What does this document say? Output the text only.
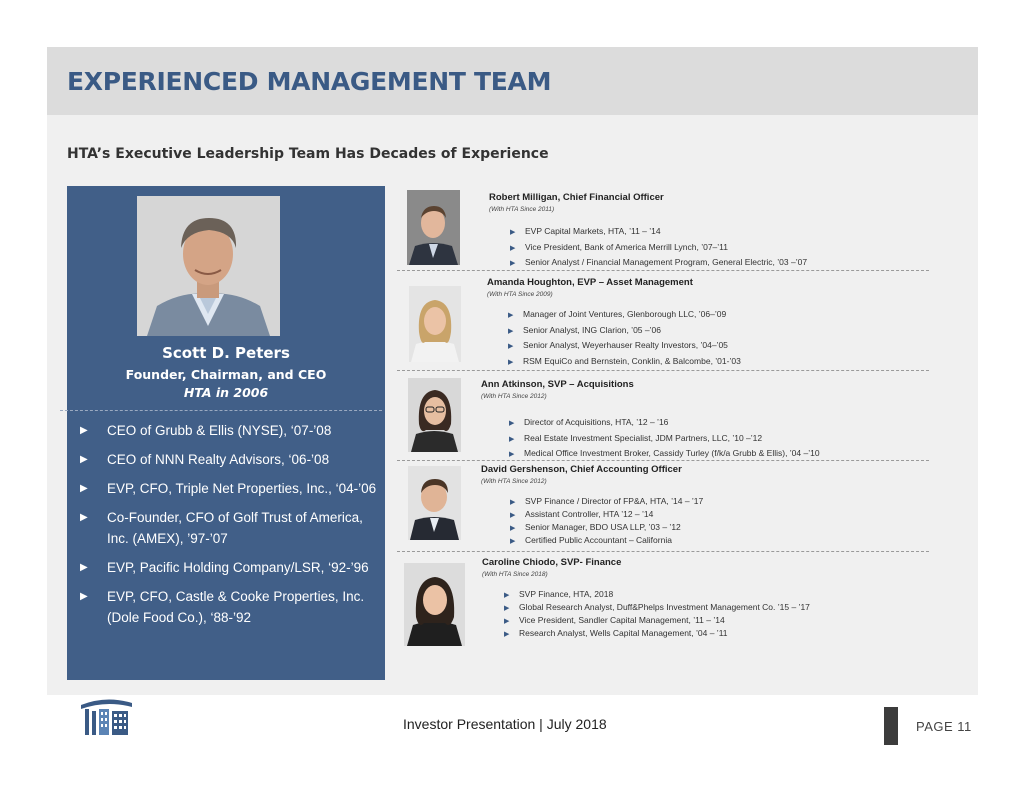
EXPERIENCED MANAGEMENT TEAM
HTA’s Executive Leadership Team Has Decades of Experience
Scott D. Peters
Founder, Chairman, and CEO
HTA in 2006
▶ CEO of Grubb & Ellis (NYSE), ‘07-’08
▶ CEO of NNN Realty Advisors, ‘06-’08
▶ EVP, CFO, Triple Net Properties, Inc., ‘04-’06
▶ Co-Founder, CFO of Golf Trust of America, Inc. (AMEX), ’97-’07
▶ EVP, Pacific Holding Company/LSR, ‘92-’96
▶ EVP, CFO, Castle & Cooke Properties, Inc. (Dole Food Co.), ‘88-’92
Robert Milligan, Chief Financial Officer
(With HTA Since 2011)
▶ EVP Capital Markets, HTA, ’11 – ’14
▶ Vice President, Bank of America Merrill Lynch, ’07–’11
▶ Senior Analyst / Financial Management Program, General Electric, ’03 –’07
Amanda Houghton, EVP – Asset Management
(With HTA Since 2009)
▶ Manager of Joint Ventures, Glenborough LLC, ’06–’09
▶ Senior Analyst, ING Clarion, ’05 –’06
▶ Senior Analyst, Weyerhauser Realty Investors, ’04–’05
▶ RSM EquiCo and Bernstein, Conklin, & Balcombe, ’01-’03
Ann Atkinson, SVP – Acquisitions
(With HTA Since 2012)
▶ Director of Acquisitions, HTA, ’12 – ’16
▶ Real Estate Investment Specialist, JDM Partners, LLC, ’10 –’12
▶ Medical Office Investment Broker, Cassidy Turley (f/k/a Grubb & Ellis), ’04 –’10
David Gershenson, Chief Accounting Officer
(With HTA Since 2012)
▶ SVP Finance / Director of FP&A, HTA, ’14 – ’17
▶ Assistant Controller, HTA ’12 – ’14
▶ Senior Manager, BDO USA LLP, ’03 – ’12
▶ Certified Public Accountant – California
Caroline Chiodo, SVP- Finance
(With HTA Since 2018)
▶ SVP Finance, HTA, 2018
▶ Global Research Analyst, Duff&Phelps Investment Management Co. ’15 – ’17
▶ Vice President, Sandler Capital Management, ’11 – ’14
▶ Research Analyst, Wells Capital Management, ’04 – ’11
Investor Presentation | July 2018	PAGE 11
